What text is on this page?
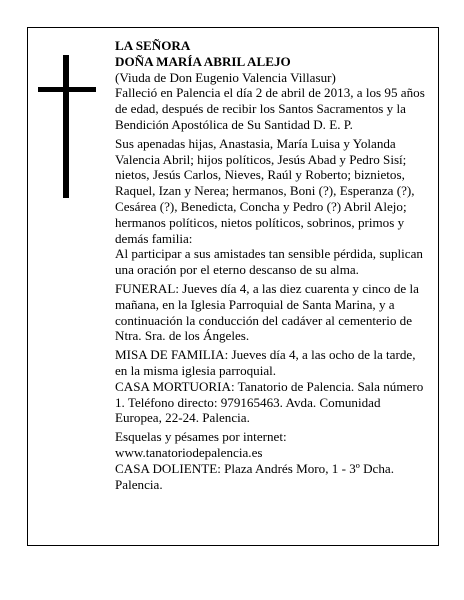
LA SEÑORA

DOÑA MARÍA ABRIL ALEJO

(Viuda de Don Eugenio Valencia Villasur)

Falleció en Palencia el día 2 de abril de 2013, a los 95 años de edad, después de recibir los Santos Sacramentos y la Bendición Apostólica de Su Santidad D. E. P.

Sus apenadas hijas, Anastasia, María Luisa y Yolanda Valencia Abril; hijos políticos, Jesús Abad y Pedro Sisí; nietos, Jesús Carlos, Nieves, Raúl y Roberto; biznietos, Raquel, Izan y Nerea; hermanos, Boni (?), Esperanza (?), Cesárea (?), Benedicta, Concha y Pedro (?) Abril Alejo; hermanos políticos, nietos políticos, sobrinos, primos y demás familia:

Al participar a sus amistades tan sensible pérdida, suplican una oración por el eterno descanso de su alma.

FUNERAL: Jueves día 4, a las diez cuarenta y cinco de la mañana, en la Iglesia Parroquial de Santa Marina, y a continuación la conducción del cadáver al cementerio de Ntra. Sra. de los Ángeles.

MISA DE FAMILIA: Jueves día 4, a las ocho de la tarde, en la misma iglesia parroquial.

CASA MORTUORIA: Tanatorio de Palencia. Sala número 1. Teléfono directo: 979165463. Avda. Comunidad Europea, 22-24. Palencia.

Esquelas y pésames por internet: www.tanatoriodepalencia.es

CASA DOLIENTE: Plaza Andrés Moro, 1 - 3º Dcha. Palencia.
